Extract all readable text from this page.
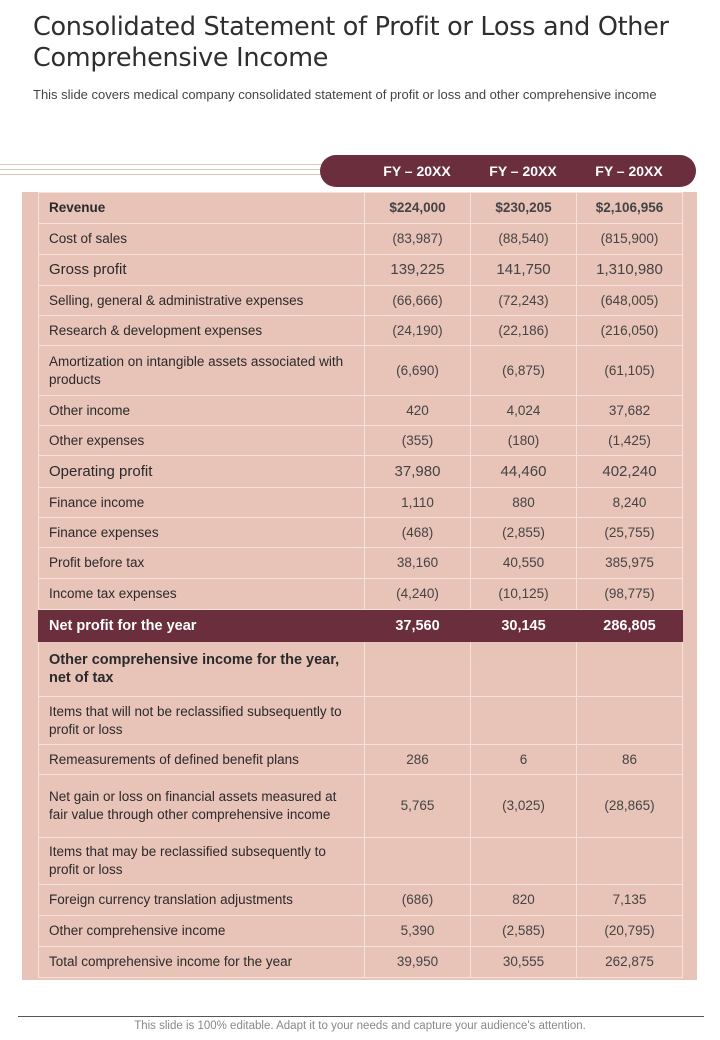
Consolidated Statement of Profit or Loss and Other Comprehensive Income
This slide covers medical company consolidated statement of profit or loss and other comprehensive income
FY – 20XX	FY – 20XX	FY – 20XX
Revenue	$224,000	$230,205	$2,106,956
Cost of sales	(83,987)	(88,540)	(815,900)
Gross profit	139,225	141,750	1,310,980
Selling, general & administrative expenses	(66,666)	(72,243)	(648,005)
Research & development expenses	(24,190)	(22,186)	(216,050)
Amortization on intangible assets associated with products	(6,690)	(6,875)	(61,105)
Other income	420	4,024	37,682
Other expenses	(355)	(180)	(1,425)
Operating profit	37,980	44,460	402,240
Finance income	1,110	880	8,240
Finance expenses	(468)	(2,855)	(25,755)
Profit before tax	38,160	40,550	385,975
Income tax expenses	(4,240)	(10,125)	(98,775)
Net profit for the year	37,560	30,145	286,805
Other comprehensive income for the year, net of tax			
Items that will not be reclassified subsequently to profit or loss			
Remeasurements of defined benefit plans	286	6	86
Net gain or loss on financial assets measured at fair value through other comprehensive income	5,765	(3,025)	(28,865)
Items that may be reclassified subsequently to profit or loss			
Foreign currency translation adjustments	(686)	820	7,135
Other comprehensive income	5,390	(2,585)	(20,795)
Total comprehensive income for the year	39,950	30,555	262,875
This slide is 100% editable. Adapt it to your needs and capture your audience's attention.
